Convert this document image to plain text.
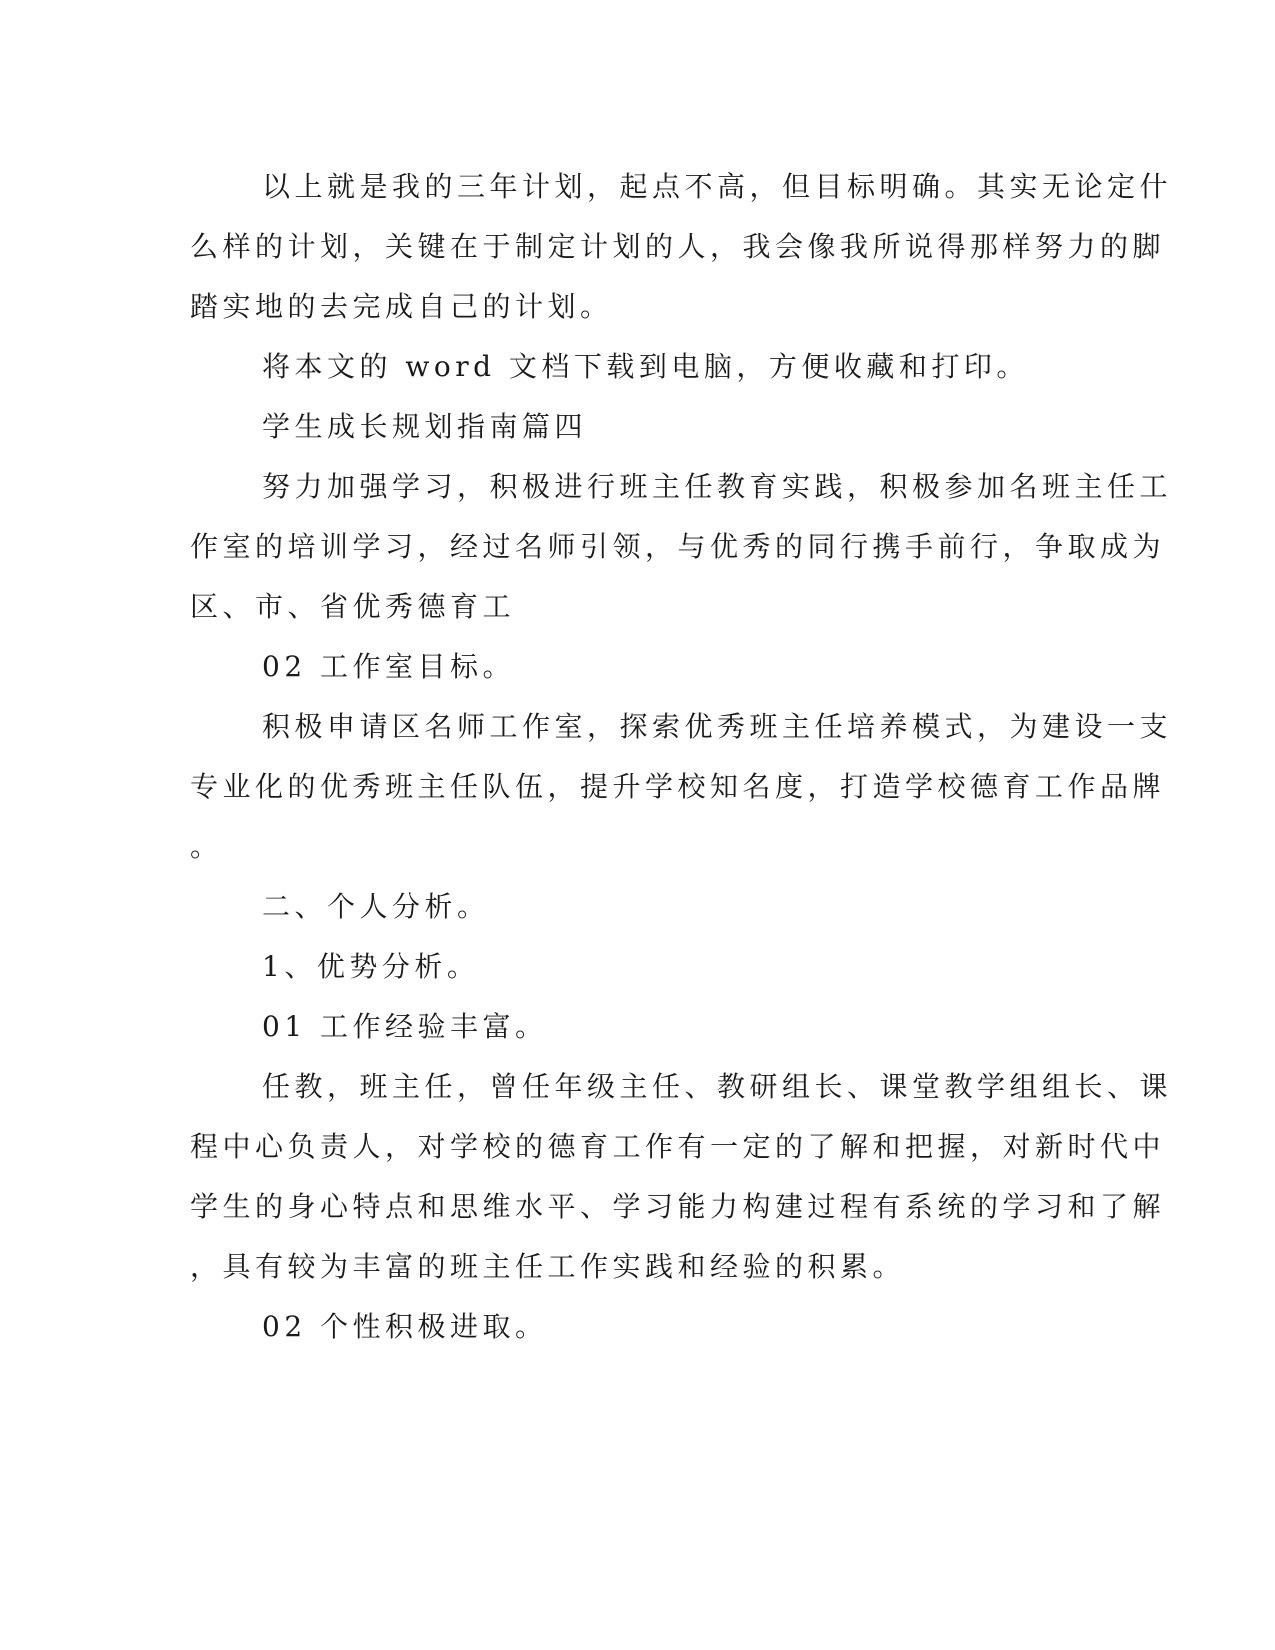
以上就是我的三年计划，起点不高，但目标明确。其实无论定什
么样的计划，关键在于制定计划的人，我会像我所说得那样努力的脚
踏实地的去完成自己的计划。
将本文的 word 文档下载到电脑，方便收藏和打印。
学生成长规划指南篇四
努力加强学习，积极进行班主任教育实践，积极参加名班主任工
作室的培训学习，经过名师引领，与优秀的同行携手前行，争取成为
区、市、省优秀德育工
02 工作室目标。
积极申请区名师工作室，探索优秀班主任培养模式，为建设一支
专业化的优秀班主任队伍，提升学校知名度，打造学校德育工作品牌
。
二、个人分析。
1、优势分析。
01 工作经验丰富。
任教，班主任，曾任年级主任、教研组长、课堂教学组组长、课
程中心负责人，对学校的德育工作有一定的了解和把握，对新时代中
学生的身心特点和思维水平、学习能力构建过程有系统的学习和了解
，具有较为丰富的班主任工作实践和经验的积累。
02 个性积极进取。
